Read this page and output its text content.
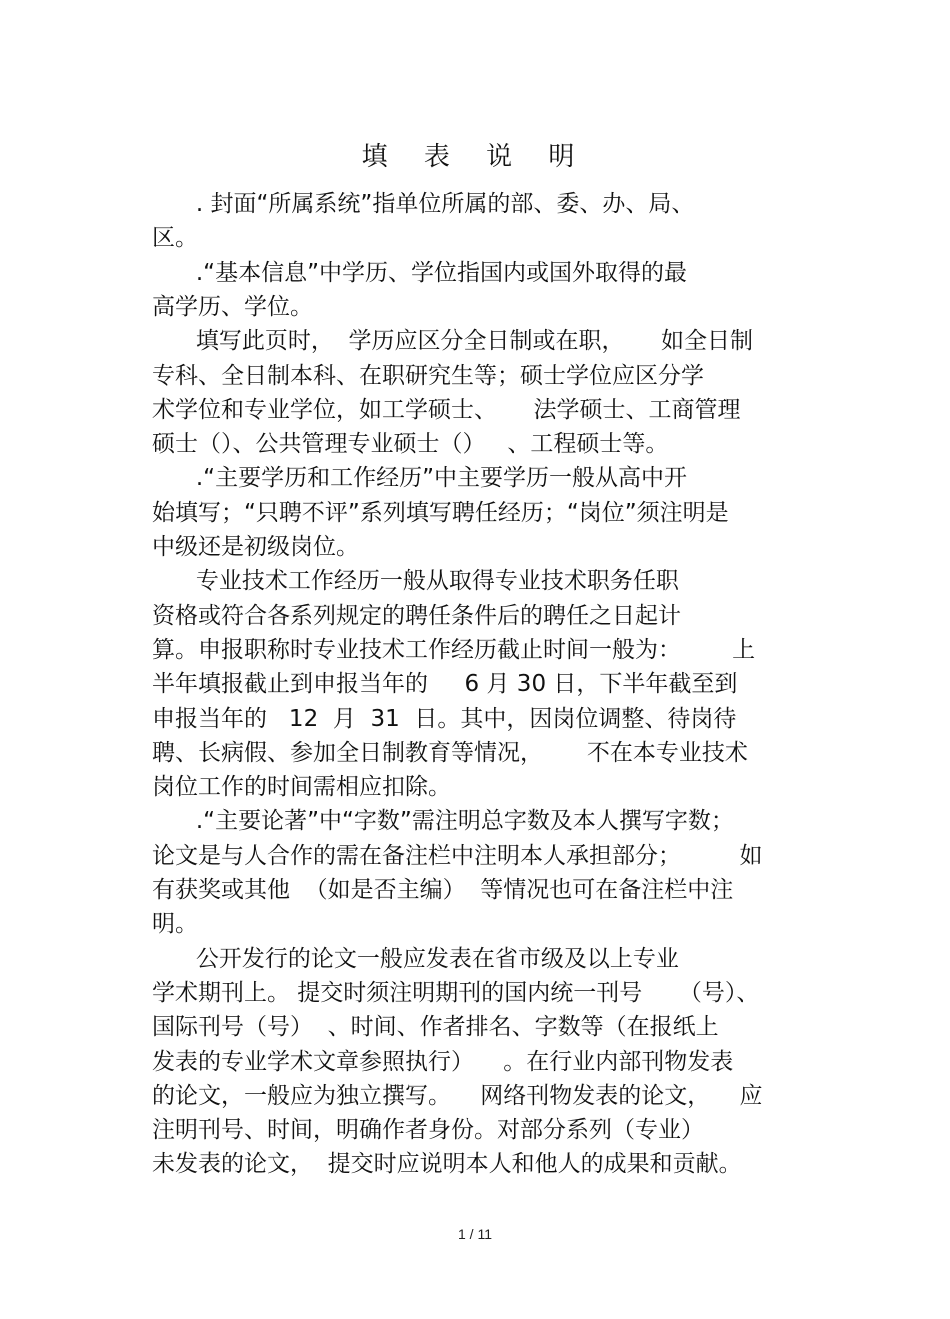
填 表 说 明
. 封面“所属系统”指单位所属的部、委、办、局、
区。
.“基本信息”中学历、学位指国内或国外取得的最
高学历、学位。
填写此页时，  学历应区分全日制或在职，     如全日制
专科、全日制本科、在职研究生等；硕士学位应区分学
术学位和专业学位，如工学硕士、     法学硕士、工商管理
硕士（）、公共管理专业硕士（）   、工程硕士等。
.“主要学历和工作经历”中主要学历一般从高中开
始填写；“只聘不评”系列填写聘任经历；“岗位”须注明是
中级还是初级岗位。
专业技术工作经历一般从取得专业技术职务任职
资格或符合各系列规定的聘任条件后的聘任之日起计
算。申报职称时专业技术工作经历截止时间一般为：       上
半年填报截止到申报当年的     6 月 30 日，下半年截至到
申报当年的   12  月  31  日。其中，因岗位调整、待岗待
聘、长病假、参加全日制教育等情况，      不在本专业技术
岗位工作的时间需相应扣除。
.“主要论著”中“字数”需注明总字数及本人撰写字数；
论文是与人合作的需在备注栏中注明本人承担部分；        如
有获奖或其他  （如是否主编）  等情况也可在备注栏中注
明。
公开发行的论文一般应发表在省市级及以上专业
学术期刊上。 提交时须注明期刊的国内统一刊号     （号）、
国际刊号（号）  、时间、作者排名、字数等（在报纸上
发表的专业学术文章参照执行）    。在行业内部刊物发表
的论文，一般应为独立撰写。    网络刊物发表的论文，    应
注明刊号、时间，明确作者身份。对部分系列（专业）
未发表的论文，  提交时应说明本人和他人的成果和贡献。
1 / 11
